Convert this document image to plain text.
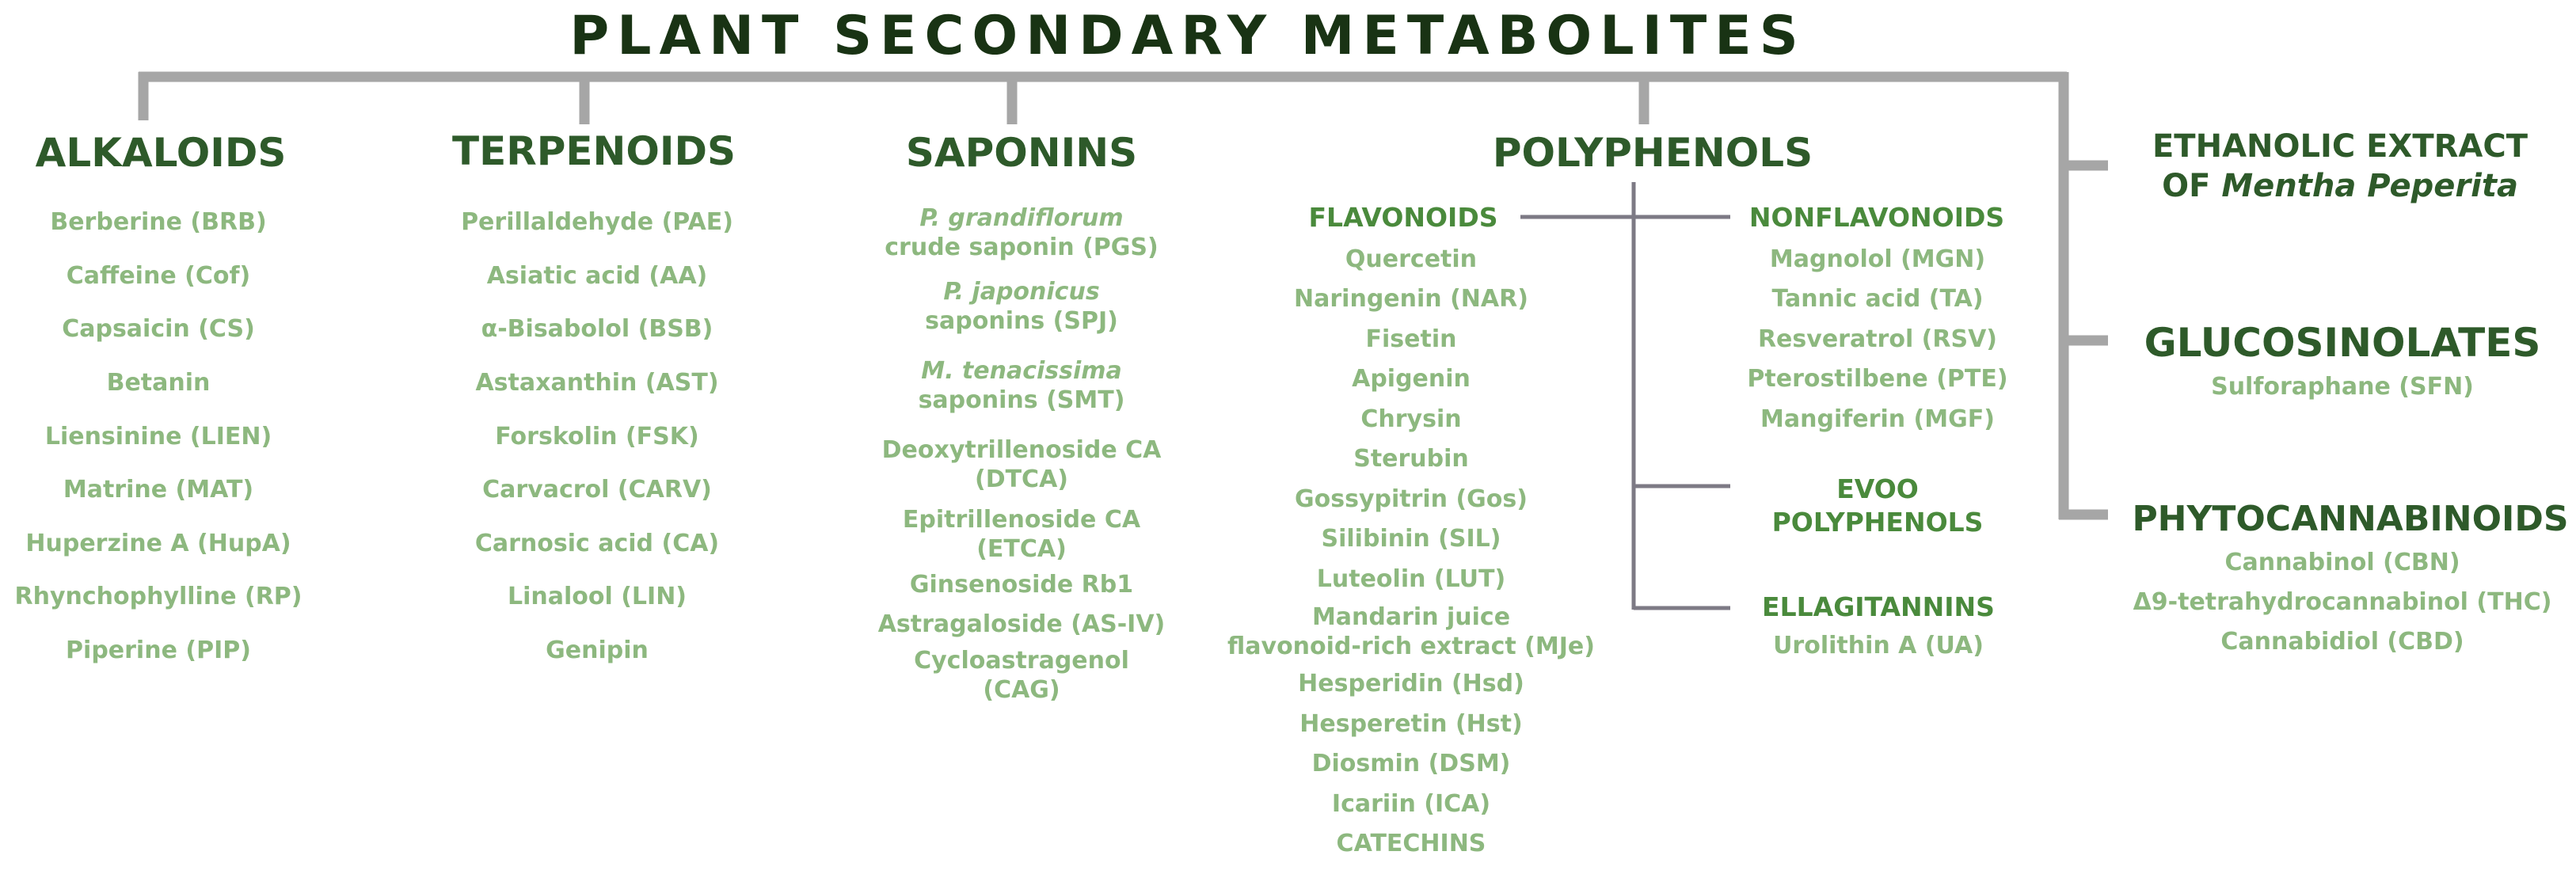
PLANT SECONDARY METABOLITES
ALKALOIDS	TERPENOIDS	SAPONINS	POLYPHENOLS
GLUCOSINOLATES
PHYTOCANNABINOIDS
ETHANOLIC EXTRACT
OF Mentha Peperita
FLAVONOIDS	NONFLAVONOIDS
EVOO
POLYPHENOLS
ELLAGITANNINS
Berberine (BRB)
Caffeine (Cof)
Capsaicin (CS)
Betanin
Liensinine (LIEN)
Matrine (MAT)
Huperzine A (HupA)
Rhynchophylline (RP)
Piperine (PIP)
Perillaldehyde (PAE)
Asiatic acid (AA)
α-Bisabolol (BSB)
Astaxanthin (AST)
Forskolin (FSK)
Carvacrol (CARV)
Carnosic acid (CA)
Linalool (LIN)
Genipin
P. grandiflorum
crude saponin (PGS)
P. japonicus
saponins (SPJ)
M. tenacissima
saponins (SMT)
Deoxytrillenoside CA
(DTCA)
Epitrillenoside CA
(ETCA)
Ginsenoside Rb1
Astragaloside (AS-IV)
Cycloastragenol
(CAG)
Quercetin
Naringenin (NAR)
Fisetin
Apigenin
Chrysin
Sterubin
Gossypitrin (Gos)
Silibinin (SIL)
Luteolin (LUT)
Mandarin juice
flavonoid-rich extract (MJe)
Hesperidin (Hsd)
Hesperetin (Hst)
Diosmin (DSM)
Icariin (ICA)
CATECHINS
Magnolol (MGN)
Tannic acid (TA)
Resveratrol (RSV)
Pterostilbene (PTE)
Mangiferin (MGF)
Urolithin A (UA)
Sulforaphane (SFN)
Cannabinol (CBN)
Δ9-tetrahydrocannabinol (THC)
Cannabidiol (CBD)
